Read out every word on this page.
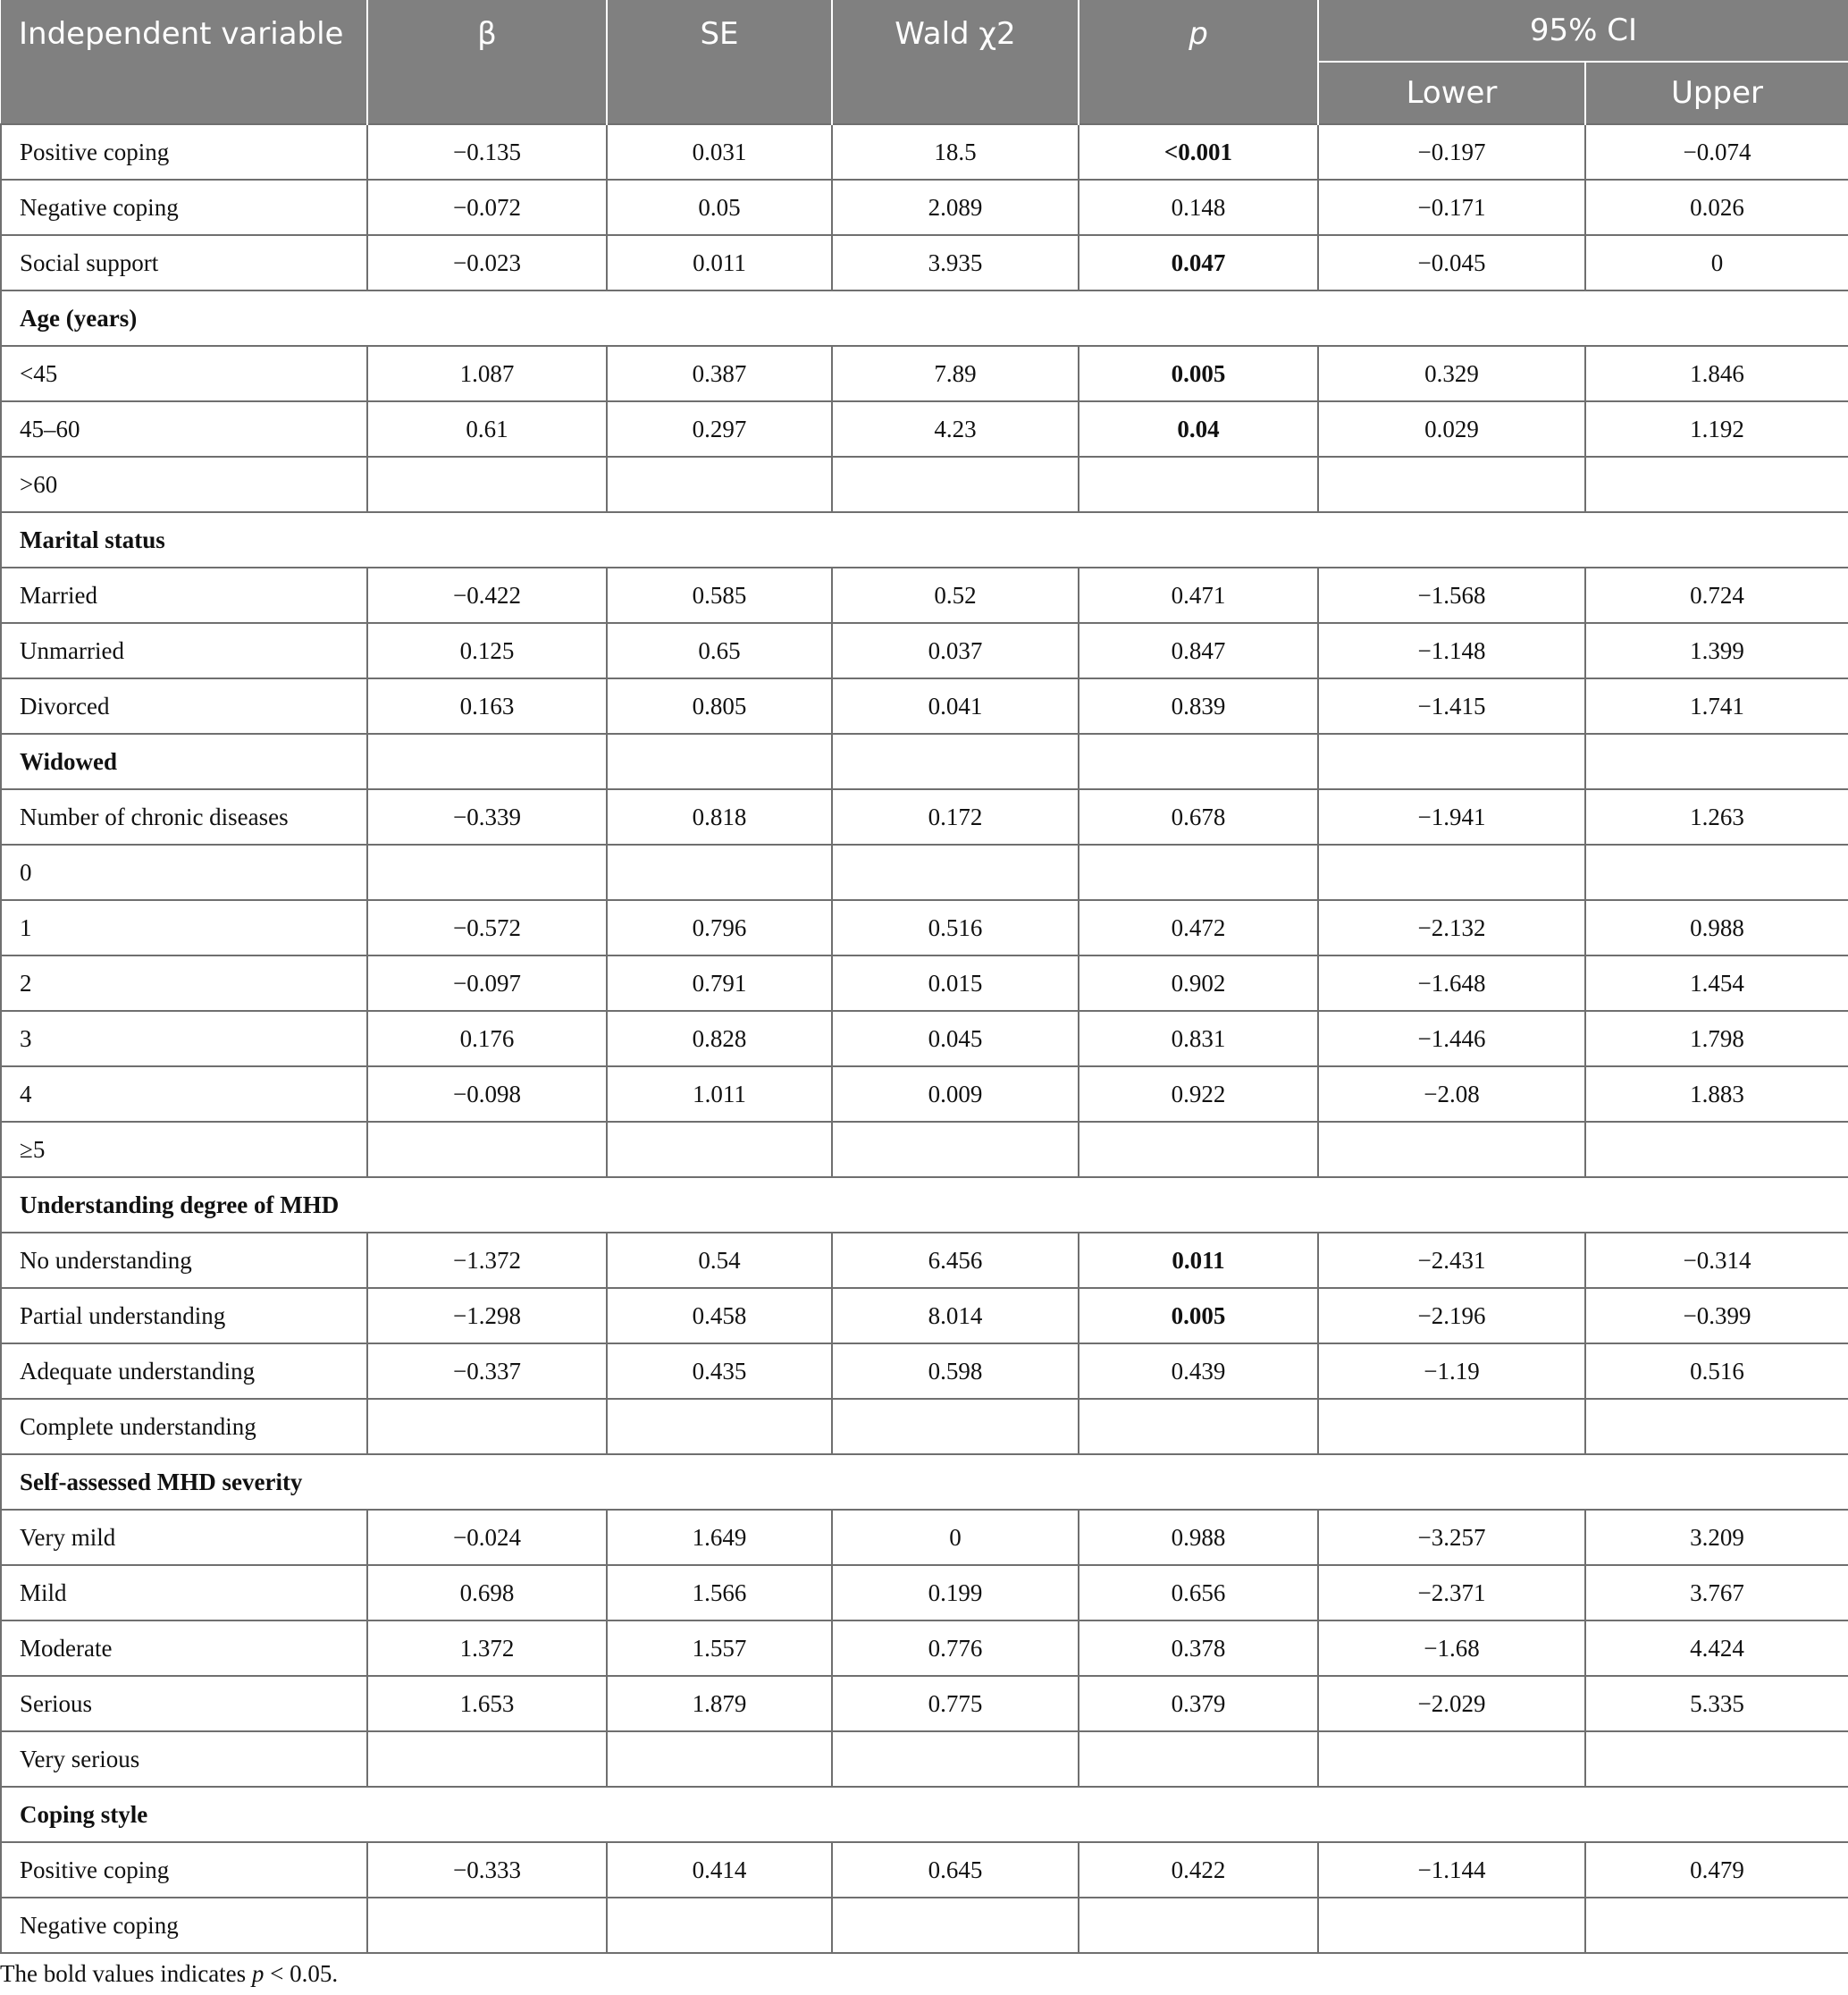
Independent variable	β	SE	Wald χ2	p	95% CI	
					Lower	Upper
Positive coping	−0.135	0.031	18.5	<0.001	−0.197	−0.074
Negative coping	−0.072	0.05	2.089	0.148	−0.171	0.026
Social support	−0.023	0.011	3.935	0.047	−0.045	0
Age (years)						
<45	1.087	0.387	7.89	0.005	0.329	1.846
45–60	0.61	0.297	4.23	0.04	0.029	1.192
>60						
Marital status						
Married	−0.422	0.585	0.52	0.471	−1.568	0.724
Unmarried	0.125	0.65	0.037	0.847	−1.148	1.399
Divorced	0.163	0.805	0.041	0.839	−1.415	1.741
Widowed						
Number of chronic diseases	−0.339	0.818	0.172	0.678	−1.941	1.263
0						
1	−0.572	0.796	0.516	0.472	−2.132	0.988
2	−0.097	0.791	0.015	0.902	−1.648	1.454
3	0.176	0.828	0.045	0.831	−1.446	1.798
4	−0.098	1.011	0.009	0.922	−2.08	1.883
≥5						
Understanding degree of MHD						
No understanding	−1.372	0.54	6.456	0.011	−2.431	−0.314
Partial understanding	−1.298	0.458	8.014	0.005	−2.196	−0.399
Adequate understanding	−0.337	0.435	0.598	0.439	−1.19	0.516
Complete understanding						
Self-assessed MHD severity						
Very mild	−0.024	1.649	0	0.988	−3.257	3.209
Mild	0.698	1.566	0.199	0.656	−2.371	3.767
Moderate	1.372	1.557	0.776	0.378	−1.68	4.424
Serious	1.653	1.879	0.775	0.379	−2.029	5.335
Very serious						
Coping style						
Positive coping	−0.333	0.414	0.645	0.422	−1.144	0.479
Negative coping						
The bold values indicates p < 0.05.
